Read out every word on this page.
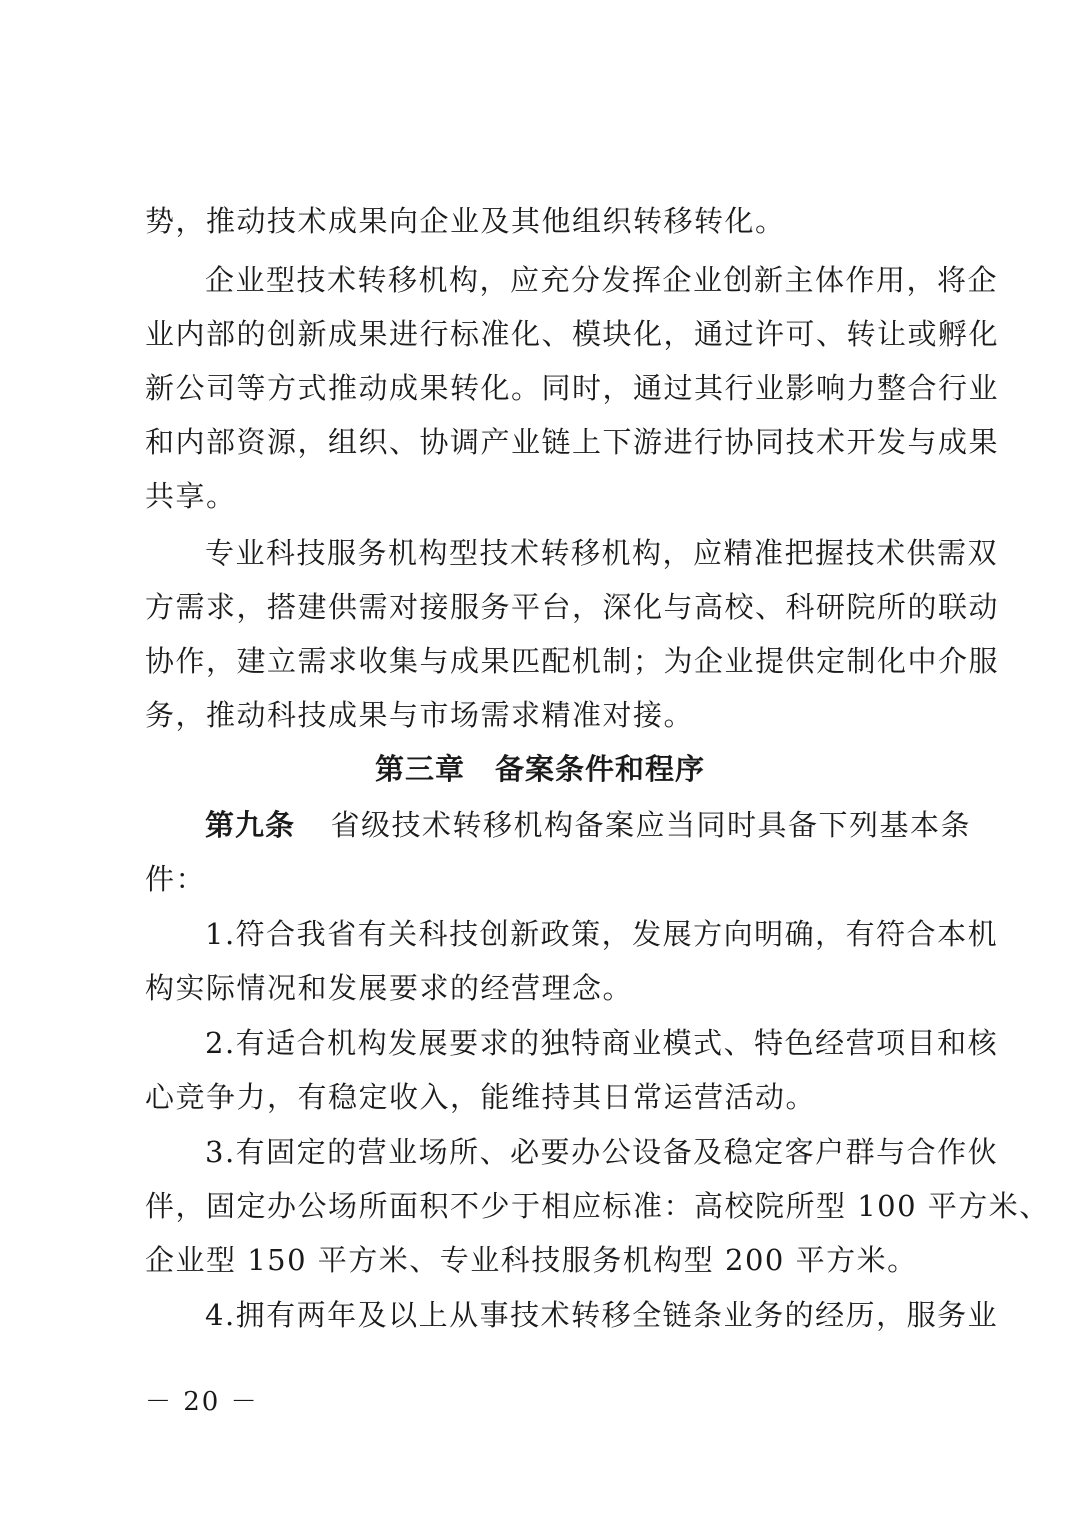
势，推动技术成果向企业及其他组织转移转化。
企业型技术转移机构，应充分发挥企业创新主体作用，将企
业内部的创新成果进行标准化、模块化，通过许可、转让或孵化
新公司等方式推动成果转化。同时，通过其行业影响力整合行业
和内部资源，组织、协调产业链上下游进行协同技术开发与成果
共享。
专业科技服务机构型技术转移机构，应精准把握技术供需双
方需求，搭建供需对接服务平台，深化与高校、科研院所的联动
协作，建立需求收集与成果匹配机制；为企业提供定制化中介服
务，推动科技成果与市场需求精准对接。
第三章　备案条件和程序
第九条 省级技术转移机构备案应当同时具备下列基本条
件：
1.符合我省有关科技创新政策，发展方向明确，有符合本机
构实际情况和发展要求的经营理念。
2.有适合机构发展要求的独特商业模式、特色经营项目和核
心竞争力，有稳定收入，能维持其日常运营活动。
3.有固定的营业场所、必要办公设备及稳定客户群与合作伙
伴，固定办公场所面积不少于相应标准：高校院所型 100 平方米、
企业型 150 平方米、专业科技服务机构型 200 平方米。
4.拥有两年及以上从事技术转移全链条业务的经历，服务业
－ 20 －
